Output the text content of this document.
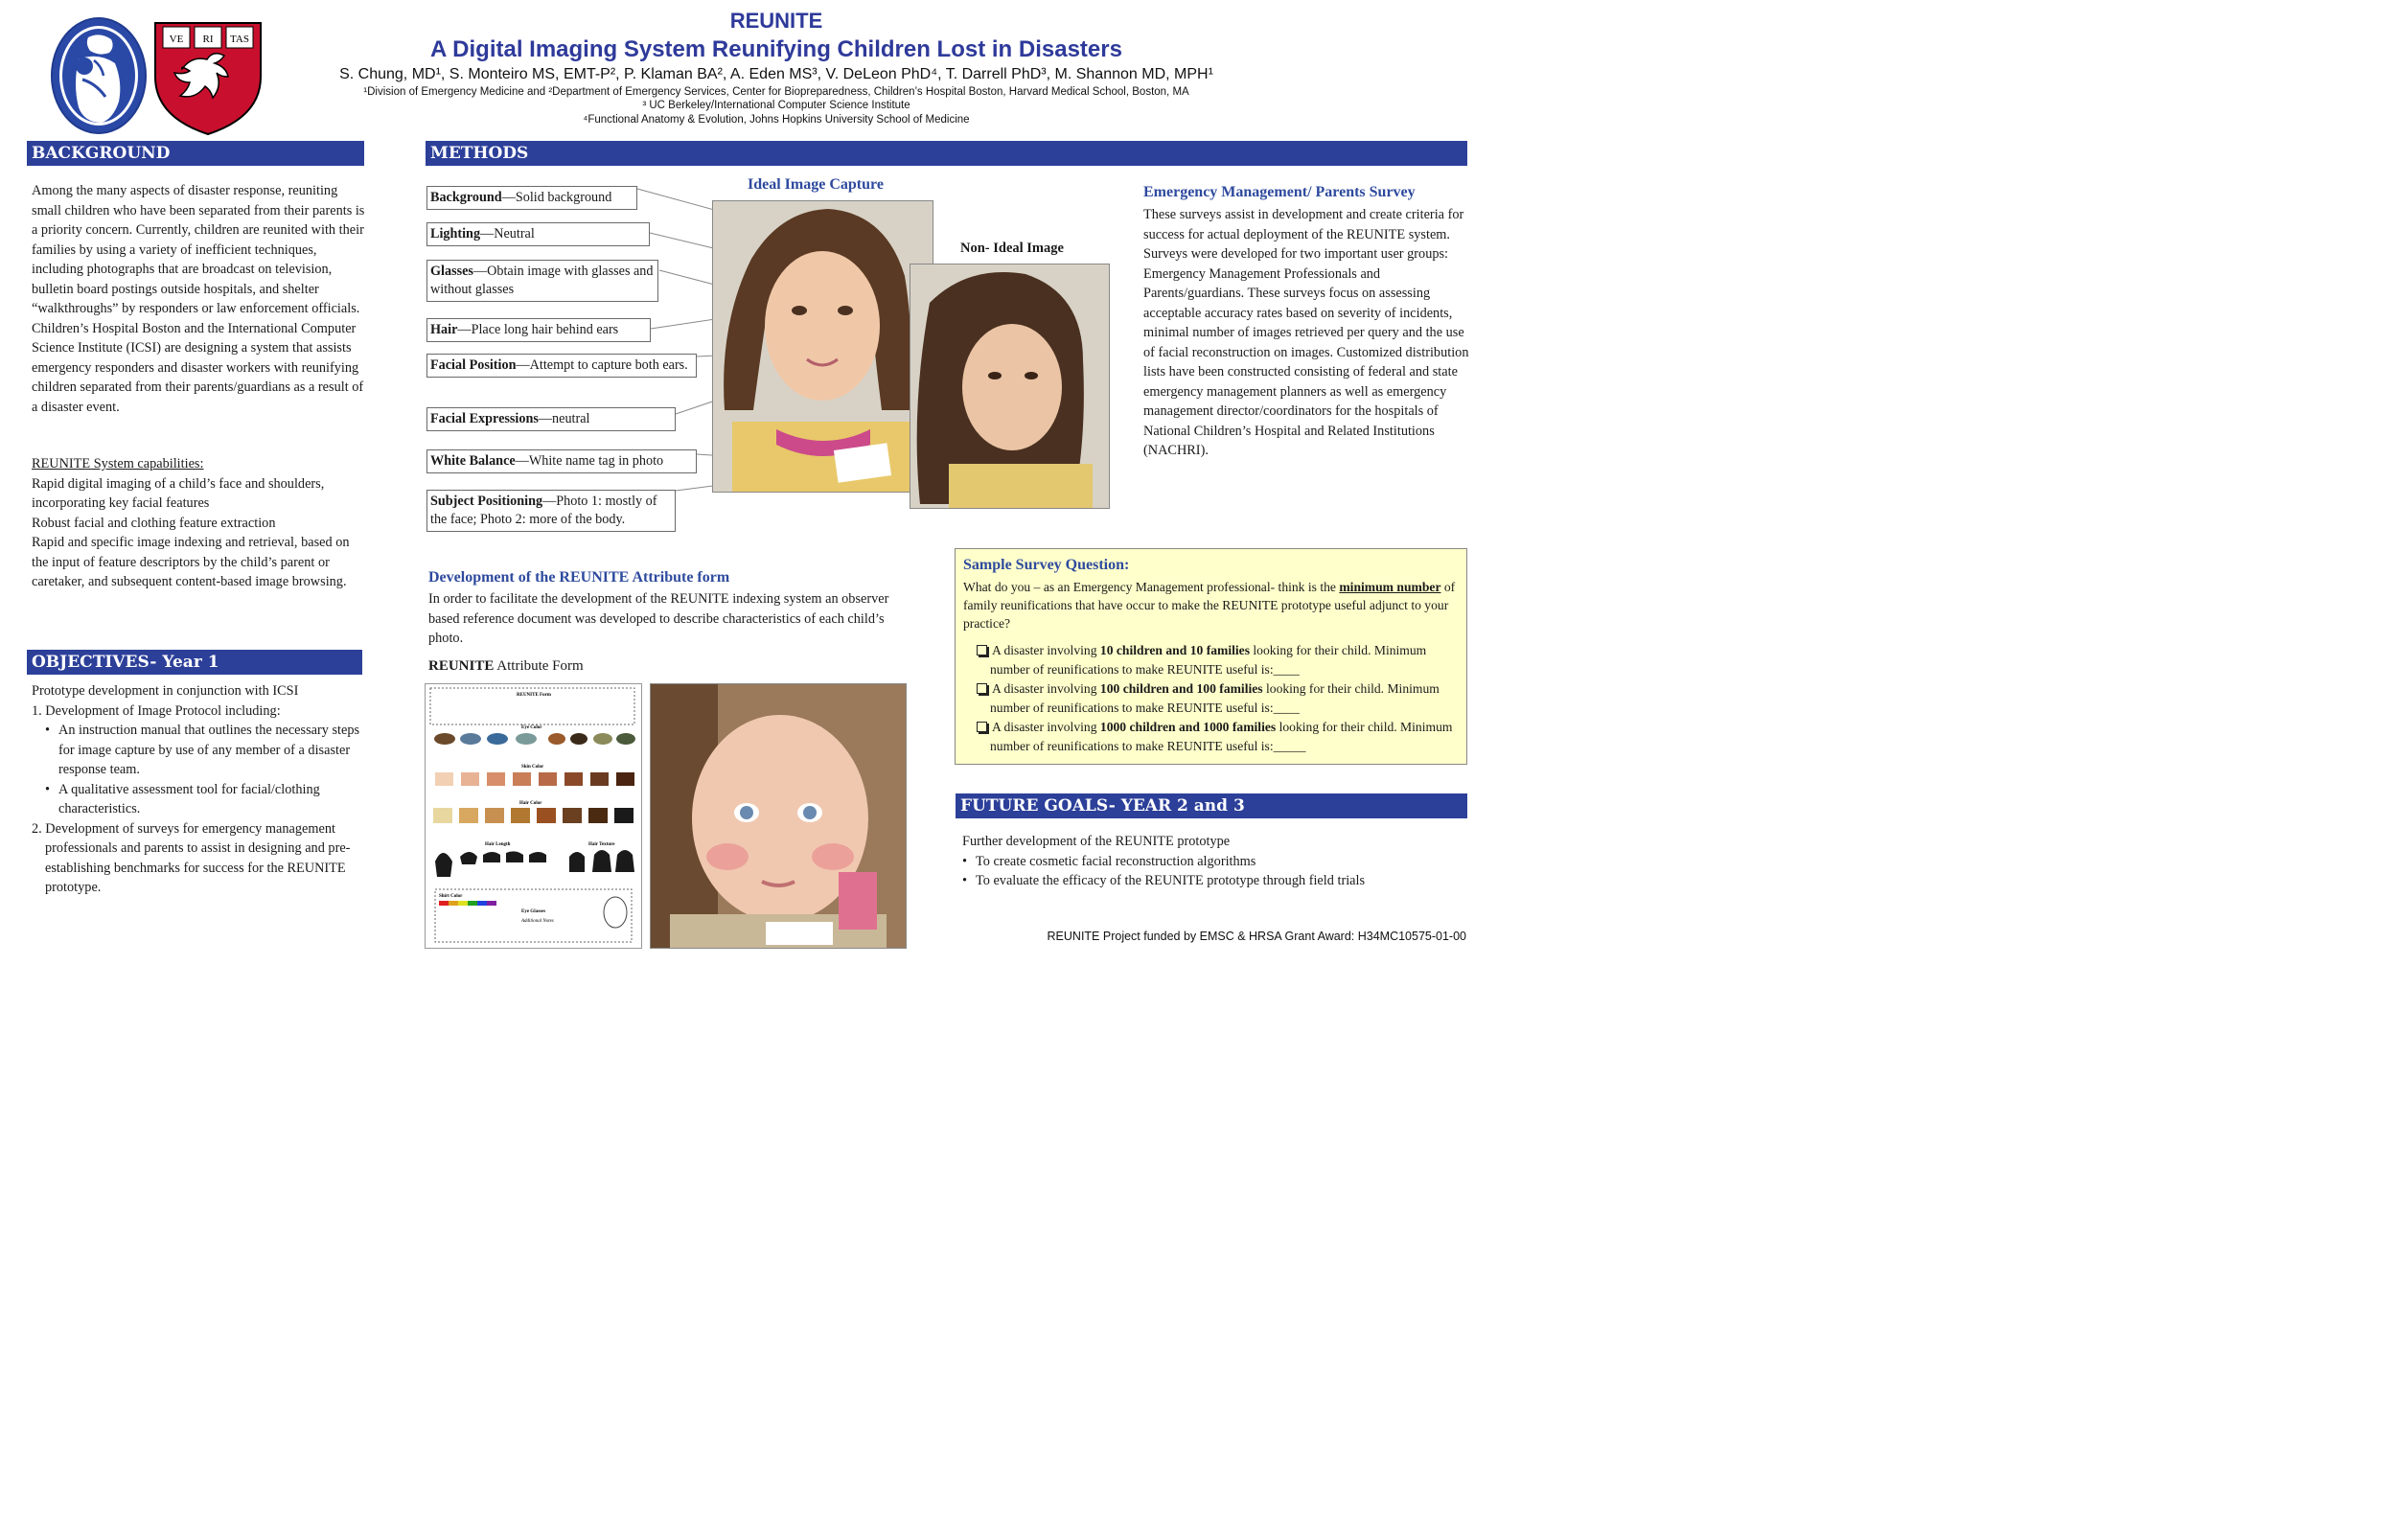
VE RI TAS
REUNITE
A Digital Imaging System Reunifying Children Lost in Disasters
S. Chung, MD¹, S. Monteiro MS, EMT-P², P. Klaman BA², A. Eden MS³, V. DeLeon PhD⁴, T. Darrell PhD³, M. Shannon MD, MPH¹
¹Division of Emergency Medicine and ²Department of Emergency Services, Center for Biopreparedness, Children’s Hospital Boston, Harvard Medical School, Boston, MA
³ UC Berkeley/International Computer Science Institute
⁴Functional Anatomy & Evolution, Johns Hopkins University School of Medicine
BACKGROUND
Among the many aspects of disaster response, reuniting small children who have been separated from their parents is a priority concern. Currently, children are reunited with their families by using a variety of inefficient techniques, including photographs that are broadcast on television, bulletin board postings outside hospitals, and shelter “walkthroughs” by responders or law enforcement officials. Children’s Hospital Boston and the International Computer Science Institute (ICSI) are designing a system that assists emergency responders and disaster workers with reunifying children separated from their parents/guardians as a result of a disaster event.
REUNITE System capabilities:
Rapid digital imaging of a child’s face and shoulders, incorporating key facial features
Robust facial and clothing feature extraction
Rapid and specific image indexing and retrieval, based on the input of feature descriptors by the child’s parent or caretaker, and subsequent content-based image browsing.
OBJECTIVES- Year 1
Prototype development in conjunction with ICSI
1. Development of Image Protocol including:
• An instruction manual that outlines the necessary steps for image capture by use of any member of a disaster response team.
• A qualitative assessment tool for facial/clothing characteristics.
2. Development of surveys for emergency management professionals and parents to assist in designing and pre-establishing benchmarks for success for the REUNITE prototype.
METHODS
Ideal Image Capture
Non- Ideal Image
Background—Solid background
Lighting—Neutral
Glasses—Obtain image with glasses and without glasses
Hair—Place long hair behind ears
Facial Position—Attempt to capture both ears.
Facial Expressions—neutral
White Balance—White name tag in photo
Subject Positioning—Photo 1: mostly of the face; Photo 2: more of the body.
Emergency Management/ Parents Survey
These surveys assist in development and create criteria for success for actual deployment of the REUNITE system. Surveys were developed for two important user groups: Emergency Management Professionals and Parents/guardians. These surveys focus on assessing acceptable accuracy rates based on severity of incidents, minimal number of images retrieved per query and the use of facial reconstruction on images. Customized distribution lists have been constructed consisting of federal and state emergency management planners as well as emergency management director/coordinators for the hospitals of National Children’s Hospital and Related Institutions (NACHRI).
Development of the REUNITE Attribute form
In order to facilitate the development of the REUNITE indexing system an observer based reference document was developed to describe characteristics of each child’s photo.
REUNITE Attribute Form
REUNITE Form
Eye Color
Skin Color
Hair Color
Hair Length	Hair Texture
Shirt Color
Eye Glasses
Additional Notes
Sample Survey Question:
What do you – as an Emergency Management professional- think is the minimum number of family reunifications that have occur to make the REUNITE prototype useful adjunct to your practice?
A disaster involving 10 children and 10 families looking for their child. Minimum number of reunifications to make REUNITE useful is:____
A disaster involving 100 children and 100 families looking for their child. Minimum number of reunifications to make REUNITE useful is:____
A disaster involving 1000 children and 1000 families looking for their child. Minimum number of reunifications to make REUNITE useful is:_____
FUTURE GOALS- YEAR 2 and 3
Further development of the REUNITE prototype
• To create cosmetic facial reconstruction algorithms
• To evaluate the efficacy of the REUNITE prototype through field trials
REUNITE Project funded by EMSC & HRSA Grant Award: H34MC10575-01-00
